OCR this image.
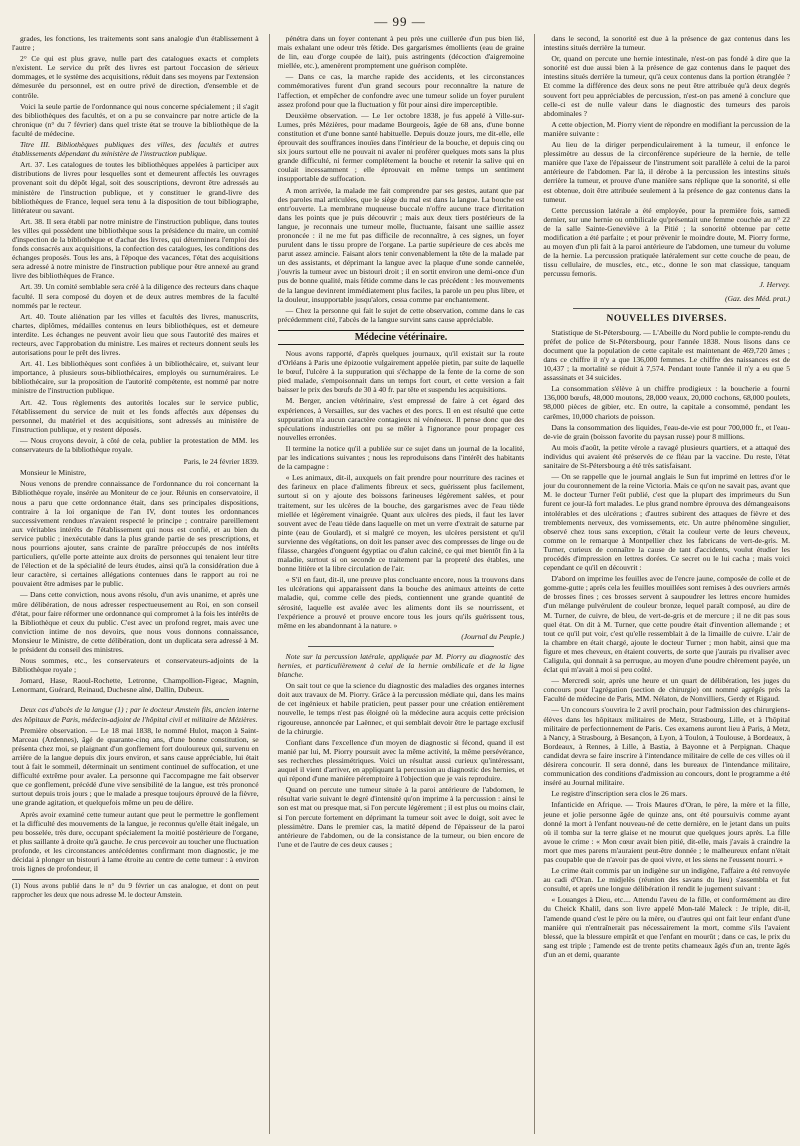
— 99 —

grades, les fonctions, les traitements sont sans analogie d'un établissement à l'autre ;

2° Ce qui est plus grave, nulle part des catalogues exacts et complets n'existent. Le service du prêt des livres est partout l'occasion de sérieux dommages, et le système des acquisitions, réduit dans ses moyens par l'extension démesurée du personnel, est en outre privé de direction, d'ensemble et de contrôle.

Voici la seule partie de l'ordonnance qui nous concerne spécialement ; il s'agit des bibliothèques des facultés, et on a pu se convaincre par notre article de la chronique (n° du 7 février) dans quel triste état se trouve la bibliothèque de la faculté de médecine.

Titre III. Bibliothèques publiques des villes, des facultés et autres établissements dépendant du ministère de l'instruction publique.

Art. 37. Les catalogues de toutes les bibliothèques appelées à participer aux distributions de livres pour lesquelles sont et demeurent affectés les ouvrages provenant soit du dépôt légal, soit des souscriptions, devront être adressés au ministère de l'instruction publique, et y constituer le grand-livre des bibliothèques de France, lequel sera tenu à la disposition de tout bibliographe, littérateur ou savant.

Art. 38. Il sera établi par notre ministre de l'instruction publique, dans toutes les villes qui possèdent une bibliothèque sous la présidence du maire, un comité d'inspection de la bibliothèque et d'achat des livres, qui déterminera l'emploi des fonds consacrés aux acquisitions, la confection des catalogues, les conditions des échanges proposés. Tous les ans, à l'époque des vacances, l'état des acquisitions sera adressé à notre ministre de l'instruction publique pour être annexé au grand livre des bibliothèques de France.

Art. 39. Un comité semblable sera créé à la diligence des recteurs dans chaque faculté. Il sera composé du doyen et de deux autres membres de la faculté nommés par le recteur.

Art. 40. Toute aliénation par les villes et facultés des livres, manuscrits, chartes, diplômes, médailles contenus en leurs bibliothèques, est et demeure interdite. Les échanges ne peuvent avoir lieu que sous l'autorité des maires et recteurs, avec l'approbation du ministre. Les maires et recteurs donnent seuls les autorisations pour le prêt des livres.

Art. 41. Les bibliothèques sont confiées à un bibliothécaire, et, suivant leur importance, à plusieurs sous-bibliothécaires, employés ou surnuméraires. Le bibliothécaire, sur la proposition de l'autorité compétente, est nommé par notre ministre de l'instruction publique.

Art. 42. Tous règlements des autorités locales sur le service public, l'établissement du service de nuit et les fonds affectés aux dépenses du personnel, du matériel et des acquisitions, sont adressés au ministère de l'instruction publique, et y restent déposés.

— Nous croyons devoir, à côté de cela, publier la protestation de MM. les conservateurs de la bibliothèque royale.

Paris, le 24 février 1839.

Monsieur le Ministre,

Nous venons de prendre connaissance de l'ordonnance du roi concernant la Bibliothèque royale, insérée au Moniteur de ce jour. Réunis en conservatoire, il nous a paru que cette ordonnance était, dans ses principales dispositions, contraire à la loi organique de l'an IV, dont toutes les ordonnances successivement rendues n'avaient respecté le principe ; contraire pareillement aux véritables intérêts de l'établissement qui nous est confié, et au bien du service public ; inexécutable dans la plus grande partie de ses prescriptions, et nous pourrions ajouter, sans crainte de paraître préoccupés de nos intérêts particuliers, qu'elle porte atteinte aux droits de personnes qui tenaient leur titre de l'élection et de la spécialité de leurs études, ainsi qu'à la considération due à leur caractère, si certaines allégations contenues dans le rapport au roi ne pouvaient être admises par le public.

— Dans cette conviction, nous avons résolu, d'un avis unanime, et après une mûre délibération, de nous adresser respectueusement au Roi, en son conseil d'état, pour faire réformer une ordonnance qui compromet à la fois les intérêts de la Bibliothèque et ceux du public. C'est avec un profond regret, mais avec une conviction intime de nos devoirs, que nous vous donnons connaissance, Monsieur le Ministre, de cette délibération, dont un duplicata sera adressé à M. le président du conseil des ministres.

Nous sommes, etc., les conservateurs et conservateurs-adjoints de la Bibliothèque royale ;

Jomard, Hase, Raoul-Rochette, Letronne, Champollion-Figeac, Magnin, Lenormant, Guérard, Reinaud, Duchesne aîné, Dallin, Dubeux.

Deux cas d'abcès de la langue (1) ; par le docteur Amstein fils, ancien interne des hôpitaux de Paris, médecin-adjoint de l'hôpital civil et militaire de Mézières.

Première observation. — Le 18 mai 1838, le nommé Hulot, maçon à Saint-Marceau (Ardennes), âgé de quarante-cinq ans, d'une bonne constitution, se présenta chez moi, se plaignant d'un gonflement fort douloureux qui, survenu en arrière de la langue depuis dix jours environ, et sans cause appréciable, lui était tout à fait le sommeil, déterminait un sentiment continuel de suffocation, et une difficulté extrême pour avaler. La personne qui l'accompagne me fait observer que ce gonflement, précédé d'une vive sensibilité de la langue, est très prononcé surtout depuis trois jours ; que le malade a presque toujours éprouvé de la fièvre, une grande agitation, et quelquefois même un peu de délire.

Après avoir examiné cette tumeur autant que peut le permettre le gonflement et la difficulté des mouvements de la langue, je reconnus qu'elle était inégale, un peu bosselée, très dure, occupant spécialement la moitié postérieure de l'organe, et plus saillante à droite qu'à gauche. Je crus percevoir au toucher une fluctuation profonde, et les circonstances antécédentes confirmant mon diagnostic, je me décidai à plonger un bistouri à lame étroite au centre de cette tumeur : à environ trois lignes de profondeur, il

(1) Nous avons publié dans le n° du 9 février un cas analogue, et dont on peut rapprocher les deux que nous adresse M. le docteur Amstein.

pénétra dans un foyer contenant à peu près une cuillerée d'un pus bien lié, mais exhalant une odeur très fétide. Des gargarismes émollients (eau de graine de lin, eau d'orge coupée de lait), puis astringents (décoction d'aigremoine miellée, etc.), amenèrent promptement une guérison complète.

— Dans ce cas, la marche rapide des accidents, et les circonstances commémoratives furent d'un grand secours pour reconnaître la nature de l'affection, et empêcher de confondre avec une tumeur solide un foyer purulent assez profond pour que la fluctuation y fût pour ainsi dire imperceptible.

Deuxième observation. — Le 1er octobre 1838, je fus appelé à Ville-sur-Lumes, près Mézières, pour madame Bourgeois, âgée de 68 ans, d'une bonne constitution et d'une bonne santé habituelle. Depuis douze jours, me dit-elle, elle éprouvait des souffrances inouïes dans l'intérieur de la bouche, et depuis cinq ou six jours surtout elle ne pouvait ni avaler ni proférer quelques mots sans la plus grande difficulté, ni fermer complètement la bouche et retenir la salive qui en coulait incessamment ; elle éprouvait en même temps un sentiment insupportable de suffocation.

A mon arrivée, la malade me fait comprendre par ses gestes, autant que par des paroles mal articulées, que le siège du mal est dans la langue. La bouche est entr'ouverte. La membrane muqueuse buccale n'offre aucune trace d'irritation dans les points que je puis découvrir ; mais aux deux tiers postérieurs de la langue, je reconnais une tumeur molle, fluctuante, faisant une saillie assez prononcée : il ne me fut pas difficile de reconnaître, à ces signes, un foyer purulent dans le tissu propre de l'organe. La partie supérieure de ces abcès me parut assez amincie. Faisant alors tenir convenablement la tête de la malade par un des assistants, et déprimant la langue avec la plaque d'une sonde cannelée, j'ouvris la tumeur avec un bistouri droit ; il en sortit environ une demi-once d'un pus de bonne qualité, mais fétide comme dans le cas précédent : les mouvements de la langue devinrent immédiatement plus faciles, la parole un peu plus libre, et la douleur, insupportable jusqu'alors, cessa comme par enchantement.

— Chez la personne qui fait le sujet de cette observation, comme dans le cas précédemment cité, l'abcès de la langue survint sans cause appréciable.

Médecine vétérinaire.

Nous avons rapporté, d'après quelques journaux, qu'il existait sur la route d'Orléans à Paris une épizootie vulgairement appelée pietin, par suite de laquelle le bœuf, l'ulcère à la suppuration qui s'échappe de la fente de la corne de son pied malade, s'empoisonnait dans un temps fort court, et cette version a fait baisser le prix des bœufs de 30 à 40 fr. par tête et suspendu les acquisitions.

M. Berger, ancien vétérinaire, s'est empressé de faire à cet égard des expériences, à Versailles, sur des vaches et des porcs. Il en est résulté que cette suppuration n'a aucun caractère contagieux ni vénéneux. Il pense donc que des spéculations industrielles ont pu se mêler à l'ignorance pour propager ces nouvelles erronées.

Il termine la notice qu'il a publiée sur ce sujet dans un journal de la localité, par les indications suivantes ; nous les reproduisons dans l'intérêt des habitants de la campagne :

« Les animaux, dit-il, auxquels on fait prendre pour nourriture des racines et des farineux en place d'aliments fibreux et secs, guérissent plus facilement, surtout si on y ajoute des boissons farineuses légèrement salées, et pour traitement, sur les ulcères de la bouche, des gargarismes avec de l'eau tiède miellée et légèrement vinaigrée. Quant aux ulcères des pieds, il faut les laver souvent avec de l'eau tiède dans laquelle on met un verre d'extrait de saturne par pinte (eau de Goulard), et si malgré ce moyen, les ulcères persistent et qu'il survienne des végétations, on doit les panser avec des compresses de linge ou de filasse, chargées d'onguent égyptiac ou d'alun calciné, ce qui met bientôt fin à la maladie, surtout si on seconde ce traitement par la propreté des étables, une bonne litière et la libre circulation de l'air.

« S'il en faut, dit-il, une preuve plus concluante encore, nous la trouvons dans les ulcérations qui apparaissent dans la bouche des animaux atteints de cette maladie, qui, comme celle des pieds, contiennent une grande quantité de sérosité, laquelle est avalée avec les aliments dont ils se nourrissent, et l'expérience a prouvé et prouve encore tous les jours qu'ils guérissent tous, même en les abandonnant à la nature. »

(Journal du Peuple.)

Note sur la percussion latérale, appliquée par M. Piorry au diagnostic des hernies, et particulièrement à celui de la hernie ombilicale et de la ligne blanche.

On sait tout ce que la science du diagnostic des maladies des organes internes doit aux travaux de M. Piorry. Grâce à la percussion médiate qui, dans les mains de cet ingénieux et habile praticien, peut passer pour une création entièrement nouvelle, le temps n'est pas éloigné où la médecine aura acquis cette précision rigoureuse, annoncée par Laënnec, et qui semblait devoir être le partage exclusif de la chirurgie.

Confiant dans l'excellence d'un moyen de diagnostic si fécond, quand il est manié par lui, M. Piorry poursuit avec la même activité, la même persévérance, ses recherches plessimétriques. Voici un résultat aussi curieux qu'intéressant, auquel il vient d'arriver, en appliquant la percussion au diagnostic des hernies, et qui répond d'une manière péremptoire à l'objection que je vais reproduire.

Quand on percute une tumeur située à la paroi antérieure de l'abdomen, le résultat varie suivant le degré d'intensité qu'on imprime à la percussion : ainsi le son est mat ou presque mat, si l'on percute légèrement ; il est plus ou moins clair, si l'on percute fortement en déprimant la tumeur soit avec le doigt, soit avec le plessimètre. Dans le premier cas, la matité dépend de l'épaisseur de la paroi antérieure de l'abdomen, ou de la consistance de la tumeur, ou bien encore de l'une et de l'autre de ces deux causes ;

dans le second, la sonorité est due à la présence de gaz contenus dans les intestins situés derrière la tumeur.

Or, quand on percute une hernie intestinale, n'est-on pas fondé à dire que la sonorité est due aussi bien à la présence de gaz contenus dans le paquet des intestins situés derrière la tumeur, qu'à ceux contenus dans la portion étranglée ? Et comme la différence des deux sons ne peut être attribuée qu'à deux degrés souvent fort peu appréciables de percussion, n'est-on pas amené à conclure que celle-ci est de nulle valeur dans le diagnostic des tumeurs des parois abdominales ?

A cette objection, M. Piorry vient de répondre en modifiant la percussion de la manière suivante :

Au lieu de la diriger perpendiculairement à la tumeur, il enfonce le plessimètre au dessus de la circonférence supérieure de la hernie, de telle manière que l'axe de l'épaisseur de l'instrument soit parallèle à celui de la paroi antérieure de l'abdomen. Par là, il dérobe à la percussion les intestins situés derrière la tumeur, et prouve d'une manière sans réplique que la sonorité, si elle est obtenue, doit être attribuée seulement à la présence de gaz contenus dans la tumeur.

Cette percussion latérale a été employée, pour la première fois, samedi dernier, sur une hernie ou ombilicale qu'présentait une femme couchée au n° 22 de la salle Sainte-Geneviève à la Pitié ; la sonorité obtenue par cette modification a été parfaite ; et pour prévenir le moindre doute, M. Piorry forme, au moyen d'un pli fait à la paroi antérieure de l'abdomen, une tumeur du volume de la hernie. La percussion pratiquée latéralement sur cette couche de peau, de tissu cellulaire, de muscles, etc., etc., donne le son mat classique, tanquam percussu femoris.

J. Hervey.
(Gaz. des Méd. prat.)
NOUVELLES DIVERSES.

Statistique de St-Pétersbourg. — L'Abeille du Nord publie le compte-rendu du préfet de police de St-Pétersbourg, pour l'année 1838. Nous lisons dans ce document que la population de cette capitale est maintenant de 469,720 âmes ; dans ce chiffre il n'y a que 136,000 femmes. Le chiffre des naissances est de 10,437 ; la mortalité se réduit à 7,574. Pendant toute l'année il n'y a eu que 5 assassinats et 34 suicides.

La consommation s'élève à un chiffre prodigieux : la boucherie a fourni 136,000 bœufs, 48,000 moutons, 28,000 veaux, 20,000 cochons, 68,000 poulets, 98,000 pièces de gibier, etc. En outre, la capitale a consommé, pendant les carêmes, 10,000 chariots de poisson.

Dans la consommation des liquides, l'eau-de-vie est pour 700,000 fr., et l'eau-de-vie de grain (boisson favorite du paysan russe) pour 8 millions.

Au mois d'août, la petite vérole a ravagé plusieurs quartiers, et a attaqué des individus qui avaient été préservés de ce fléau par la vaccine. Du reste, l'état sanitaire de St-Pétersbourg a été très satisfaisant.

— On se rappelle que le journal anglais le Sun fut imprimé en lettres d'or le jour du couronnement de la reine Victoria. Mais ce qu'on ne savait pas, avant que M. le docteur Turner l'eût publié, c'est que la plupart des imprimeurs du Sun furent ce jour-là fort malades. Le plus grand nombre éprouva des démangeaisons intolérables et des ulcérations ; d'autres subirent des attaques de fièvre et des tremblements nerveux, des vomissements, etc. Un autre phénomène singulier, observé chez tous sans exception, c'était la couleur verte de leurs cheveux, comme on le remarque à Montpellier chez les fabricans de vert-de-gris. M. Turner, curieux de connaître la cause de tant d'accidents, voulut étudier les procédés d'impression en lettres dorées. Ce secret ou le lui cacha ; mais voici cependant ce qu'il en découvrit :

D'abord on imprime les feuilles avec de l'encre jaune, composée de colle et de gomme-gutte ; après cela les feuilles mouillées sont remises à des ouvriers armés de brosses fines ; ces brosses servent à saupoudrer les lettres encore humides d'un mélange pulvérulent de couleur bronze, lequel paraît composé, au dire de M. Turner, de cuivre, de bleu, de vert-de-gris et de mercure ; il ne dit pas sous quel état. On dit à M. Turner, que cette poudre était d'invention allemande ; et tout ce qu'il put voir, c'est qu'elle ressemblait à de la limaille de cuivre. L'air de la chambre en était chargé, ajoute le docteur Turner ; mon habit, ainsi que ma figure et mes cheveux, en étaient couverts, de sorte que j'aurais pu rivaliser avec Caligula, qui donnait à sa perruque, au moyen d'une poudre chèrement payée, un éclat qui m'avait à moi si peu coûté.

— Mercredi soir, après une heure et un quart de délibération, les juges du concours pour l'agrégation (section de chirurgie) ont nommé agrégés près la Faculté de médecine de Paris, MM. Nélaton, de Nonvilliers, Gerdy et Rigaud.

— Un concours s'ouvrira le 2 avril prochain, pour l'admission des chirurgiens-élèves dans les hôpitaux militaires de Metz, Strasbourg, Lille, et à l'hôpital militaire de perfectionnement de Paris. Ces examens auront lieu à Paris, à Metz, à Nancy, à Strasbourg, à Besançon, à Lyon, à Toulon, à Toulouse, à Bordeaux, à Bordeaux, à Rennes, à Lille, à Bastia, à Bayonne et à Perpignan. Chaque candidat devra se faire inscrire à l'intendance militaire de celle de ces villes où il désirera concourir. Il sera donné, dans les bureaux de l'intendance militaire, communication des conditions d'admission au concours, dont le programme a été inséré au Journal militaire.

Le registre d'inscription sera clos le 26 mars.

Infanticide en Afrique. — Trois Maures d'Oran, le père, la mère et la fille, jeune et jolie personne âgée de quinze ans, ont été poursuivis comme ayant donné la mort à l'enfant nouveau-né de cette dernière, en le jetant dans un puits où il tomba sur la terre glaise et ne mourut que quelques jours après. La fille avoue le crime : « Mon cœur avait bien pitié, dit-elle, mais j'avais à craindre la mort que mes parens m'auraient peut-être donnée ; le malheureux enfant n'était pas coupable que de n'avoir pas de quoi vivre, et les siens ne l'eussent nourri. »

Le crime était commis par un indigène sur un indigène, l'affaire a été renvoyée au cadi d'Oran. Le midjelès (réunion des savans du lieu) s'assembla et fut consulté, et après une longue délibération il rendit le jugement suivant :

« Louanges à Dieu, etc.... Attendu l'aveu de la fille, et conformément au dire du Cheick Khalil, dans son livre appelé Mon-talé Maleck : Je triple, dit-il, l'amende quand c'est le père ou la mère, ou d'autres qui ont fait leur enfant d'une manière qui n'entraînerait pas nécessairement la mort, comme s'ils l'avaient blessé, que la blessure empirât et que l'enfant en mourût ; dans ce cas, le prix du sang est triple ; l'amende est de trente petits chameaux âgés d'un an, trente âgés d'un an et demi, quarante
